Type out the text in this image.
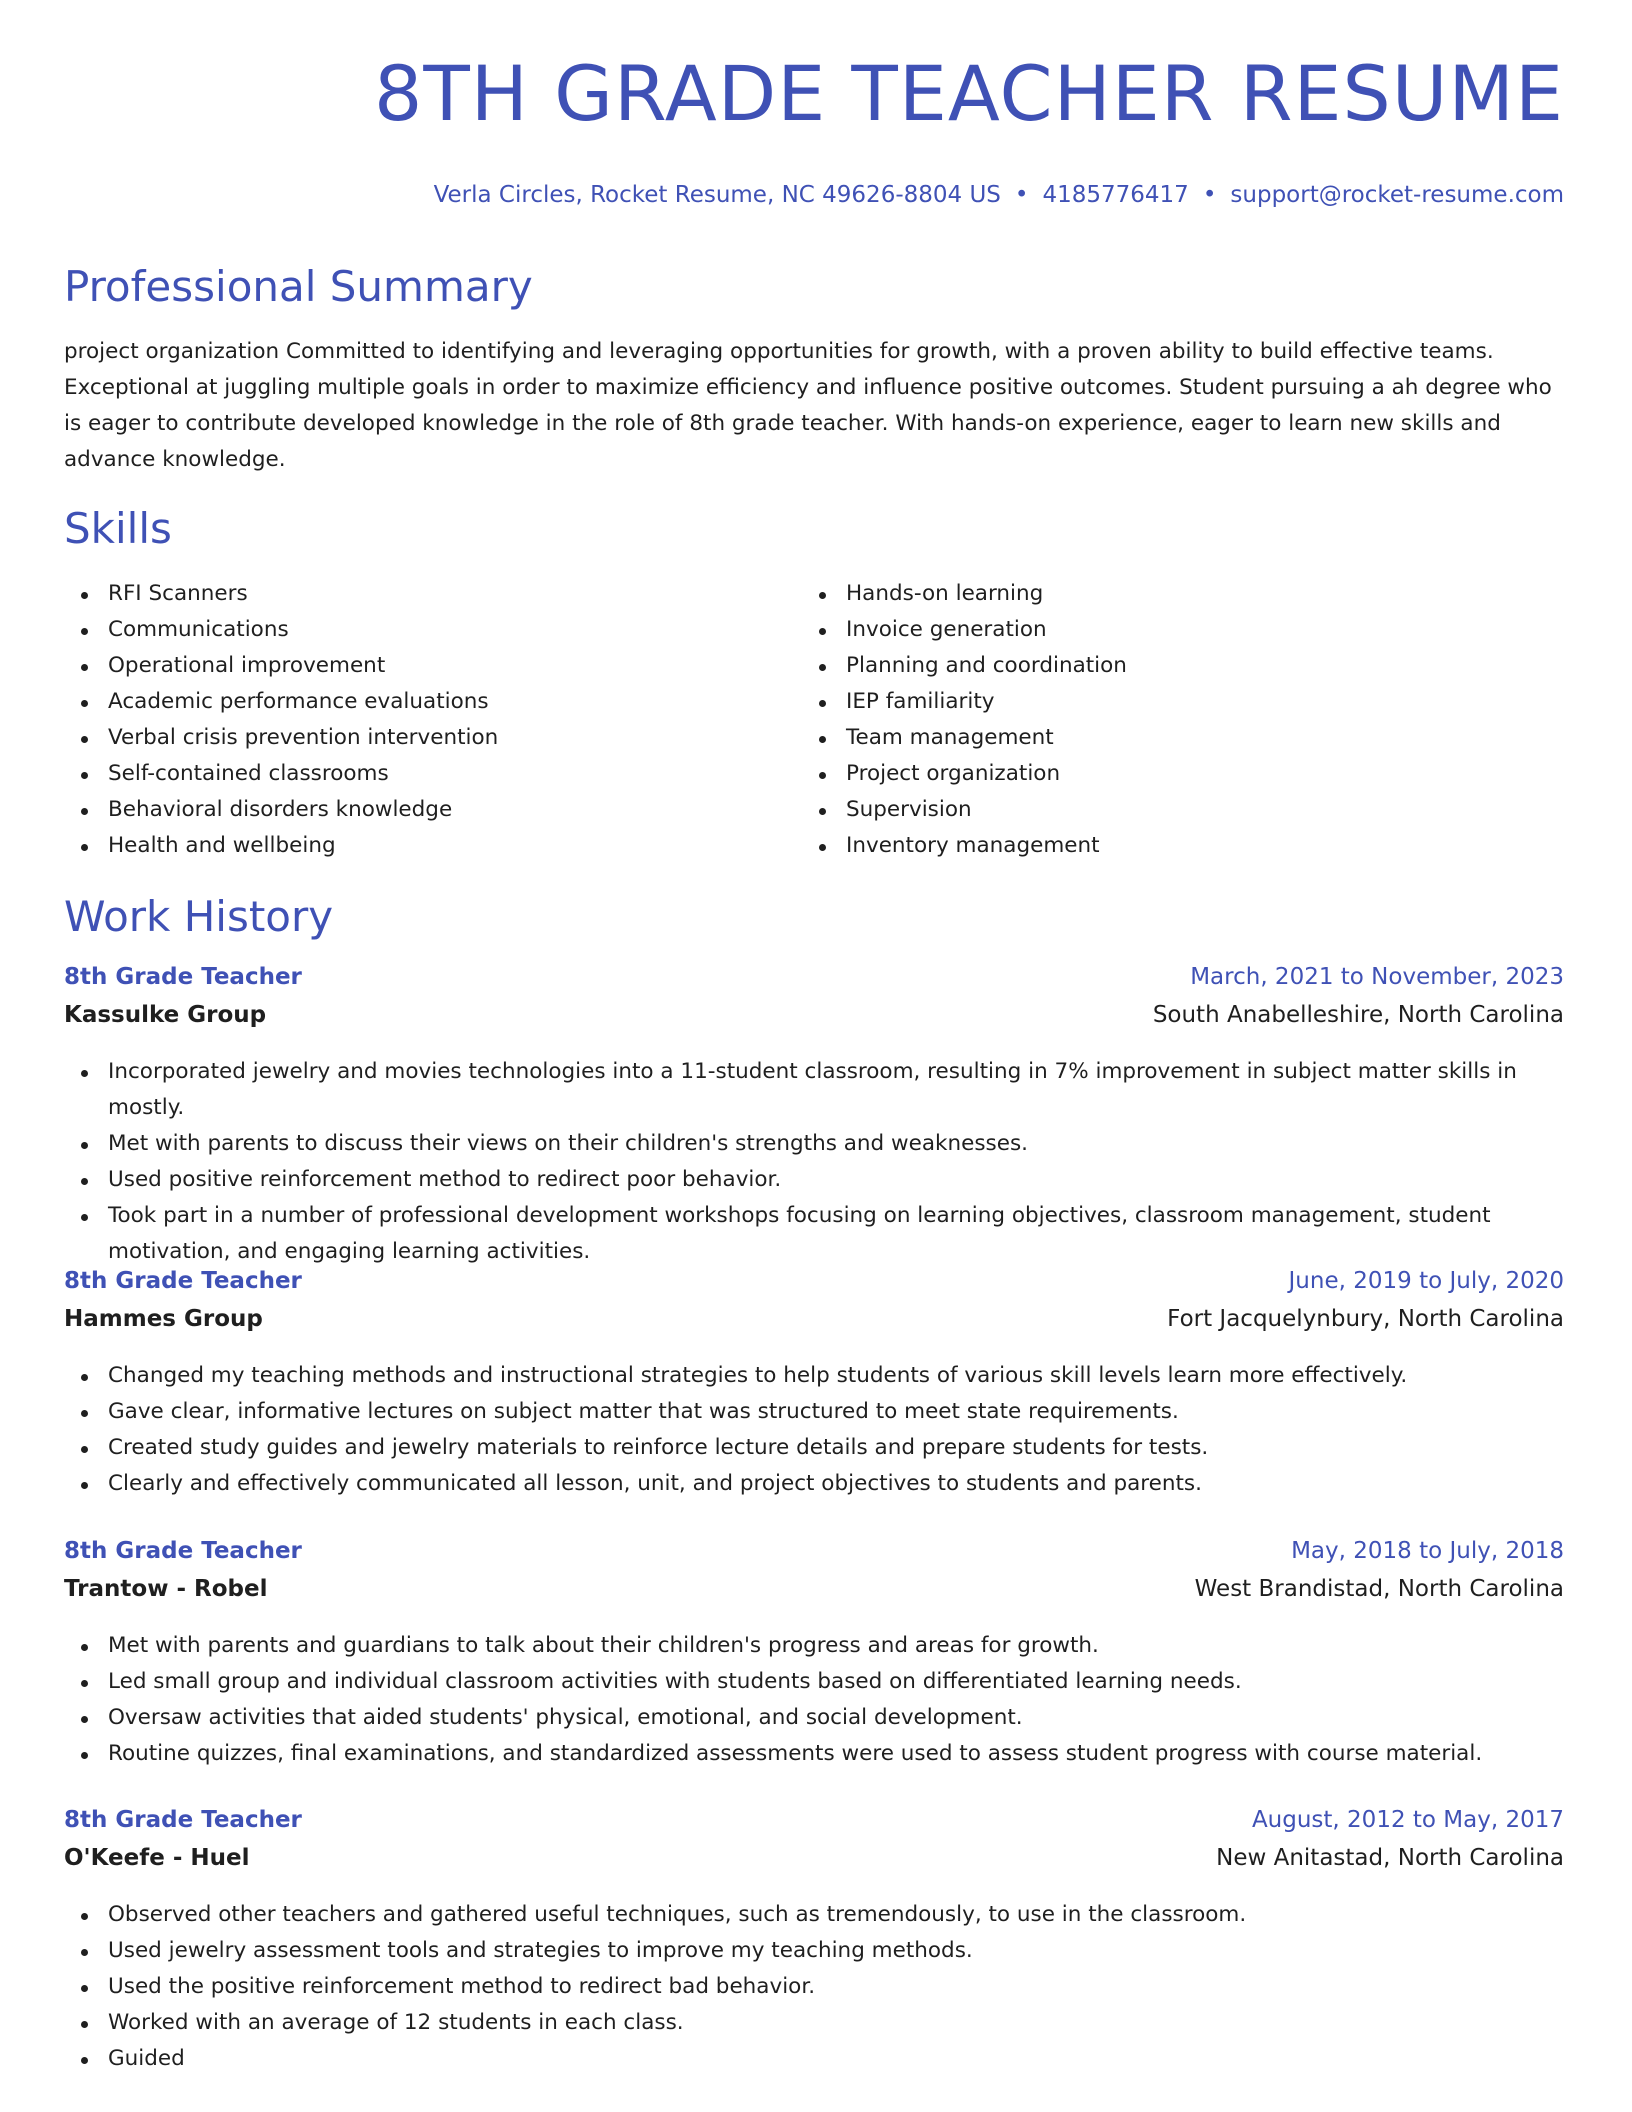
8TH GRADE TEACHER RESUME
Verla Circles, Rocket Resume, NC 49626-8804 US • 4185776417 • support@rocket-resume.com
Professional Summary

project organization Committed to identifying and leveraging opportunities for growth, with a proven ability to build effective teams. Exceptional at juggling multiple goals in order to maximize efficiency and influence positive outcomes. Student pursuing a ah degree who is eager to contribute developed knowledge in the role of 8th grade teacher. With hands-on experience, eager to learn new skills and advance knowledge.

Skills
RFI Scanners
Communications
Operational improvement
Academic performance evaluations
Verbal crisis prevention intervention
Self-contained classrooms
Behavioral disorders knowledge
Health and wellbeing
Hands-on learning
Invoice generation
Planning and coordination
IEP familiarity
Team management
Project organization
Supervision
Inventory management
Work History
8th Grade Teacher	March, 2021 to November, 2023
Kassulke Group	South Anabelleshire, North Carolina
Incorporated jewelry and movies technologies into a 11-student classroom, resulting in 7% improvement in subject matter skills in mostly.
Met with parents to discuss their views on their children's strengths and weaknesses.
Used positive reinforcement method to redirect poor behavior.
Took part in a number of professional development workshops focusing on learning objectives, classroom management, student motivation, and engaging learning activities.
8th Grade Teacher	June, 2019 to July, 2020
Hammes Group	Fort Jacquelynbury, North Carolina
Changed my teaching methods and instructional strategies to help students of various skill levels learn more effectively.
Gave clear, informative lectures on subject matter that was structured to meet state requirements.
Created study guides and jewelry materials to reinforce lecture details and prepare students for tests.
Clearly and effectively communicated all lesson, unit, and project objectives to students and parents.
8th Grade Teacher	May, 2018 to July, 2018
Trantow - Robel	West Brandistad, North Carolina
Met with parents and guardians to talk about their children's progress and areas for growth.
Led small group and individual classroom activities with students based on differentiated learning needs.
Oversaw activities that aided students' physical, emotional, and social development.
Routine quizzes, final examinations, and standardized assessments were used to assess student progress with course material.
8th Grade Teacher	August, 2012 to May, 2017
O'Keefe - Huel	New Anitastad, North Carolina
Observed other teachers and gathered useful techniques, such as tremendously, to use in the classroom.
Used jewelry assessment tools and strategies to improve my teaching methods.
Used the positive reinforcement method to redirect bad behavior.
Worked with an average of 12 students in each class.
Guided
